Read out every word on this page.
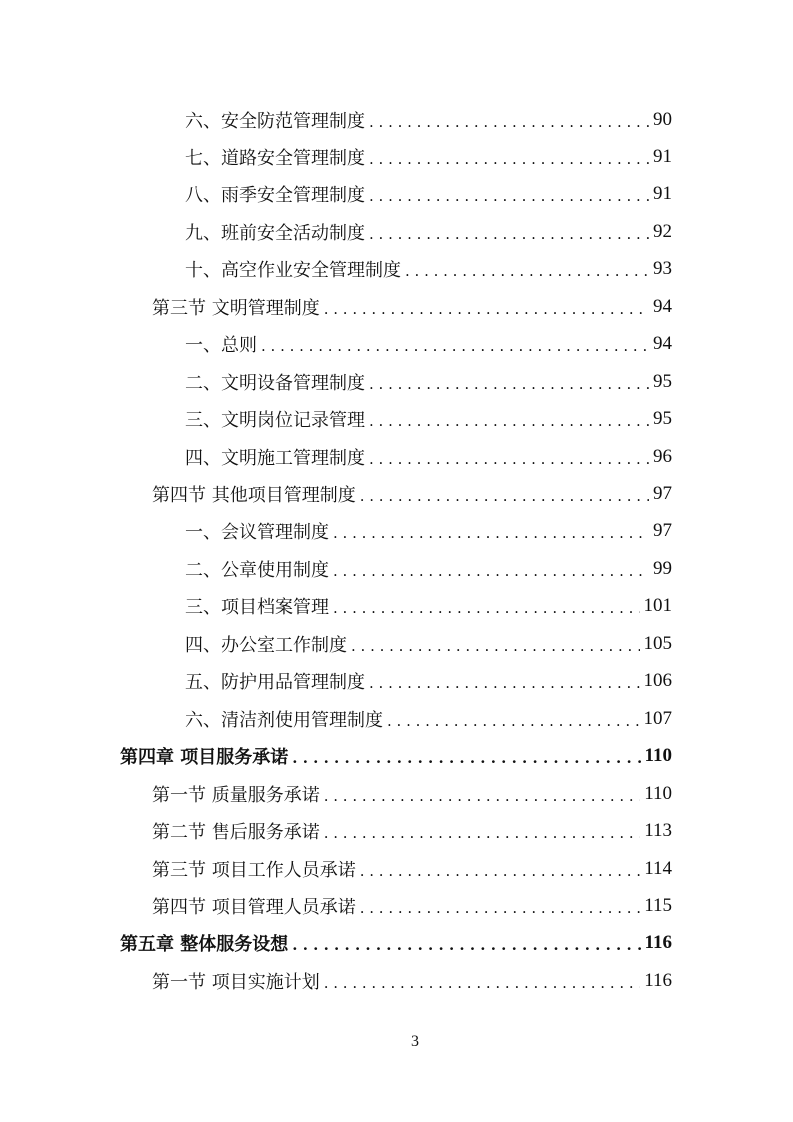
六、安全防范管理制度 . . .	90
七、道路安全管理制度 . . .	91
八、雨季安全管理制度 . . .	91
九、班前安全活动制度 . . .	92
十、高空作业安全管理制度 . . .	93
第三节 文明管理制度 . . .	94
一、总则 . . .	94
二、文明设备管理制度 . . .	95
三、文明岗位记录管理 . . .	95
四、文明施工管理制度 . . .	96
第四节 其他项目管理制度 . . .	97
一、会议管理制度 . . .	97
二、公章使用制度 . . .	99
三、项目档案管理 . . .	101
四、办公室工作制度 . . .	105
五、防护用品管理制度 . . .	106
六、清洁剂使用管理制度 . . .	107
第四章 项目服务承诺 . . .	110
第一节 质量服务承诺 . . .	110
第二节 售后服务承诺 . . .	113
第三节 项目工作人员承诺 . . .	114
第四节 项目管理人员承诺 . . .	115
第五章 整体服务设想 . . .	116
第一节 项目实施计划 . . .	116
3
